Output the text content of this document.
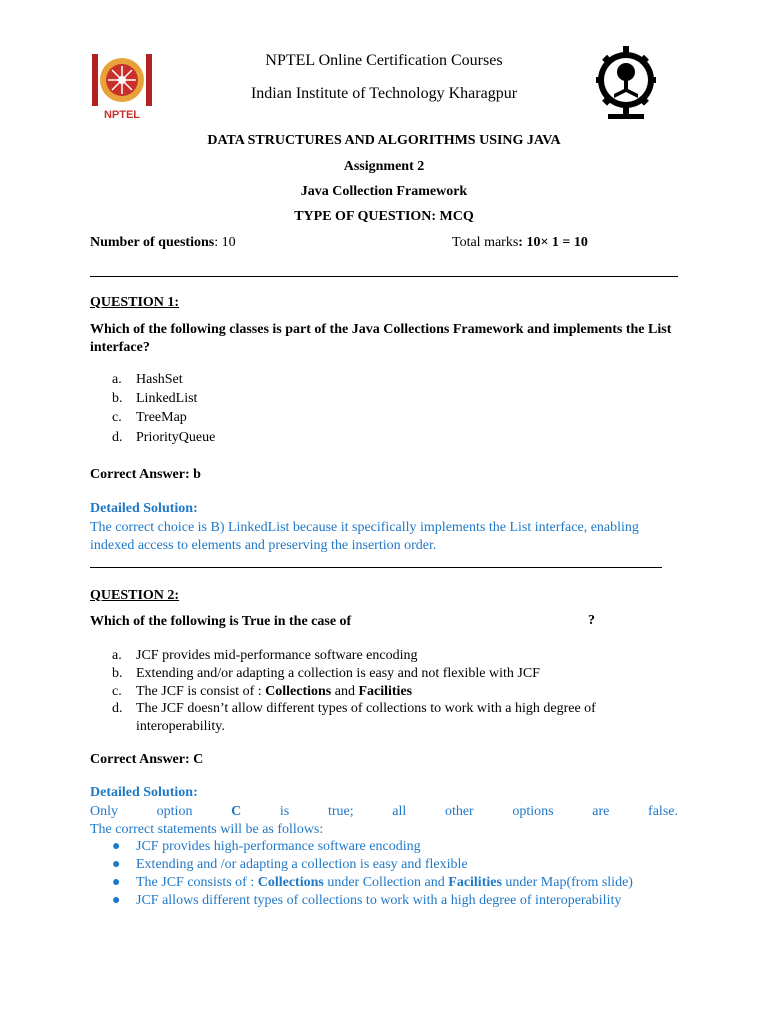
NPTEL
NPTEL Online Certification Courses
Indian Institute of Technology Kharagpur
DATA STRUCTURES AND ALGORITHMS USING JAVA
Assignment 2
Java Collection Framework
TYPE OF QUESTION: MCQ
Number of questions: 10	Total marks: 10× 1 = 10
QUESTION 1:
Which of the following classes is part of the Java Collections Framework and implements the List interface?
a. HashSet
b. LinkedList
c. TreeMap
d. PriorityQueue
Correct Answer: b
Detailed Solution:
The correct choice is B) LinkedList because it specifically implements the List interface, enabling indexed access to elements and preserving the insertion order.
QUESTION 2:
Which of the following is True in the case of	?
a. JCF provides mid-performance software encoding
b. Extending and/or adapting a collection is easy and not flexible with JCF
c. The JCF is consist of : Collections and Facilities
d. The JCF doesn’t allow different types of collections to work with a high degree of interoperability.
Correct Answer: C
Detailed Solution:
Only	option	C	is	true;	all	other	options	are	false.
The correct statements will be as follows:
● JCF provides high-performance software encoding
● Extending and /or adapting a collection is easy and flexible
● The JCF consists of : Collections under Collection and Facilities under Map(from slide)
● JCF allows different types of collections to work with a high degree of interoperability
